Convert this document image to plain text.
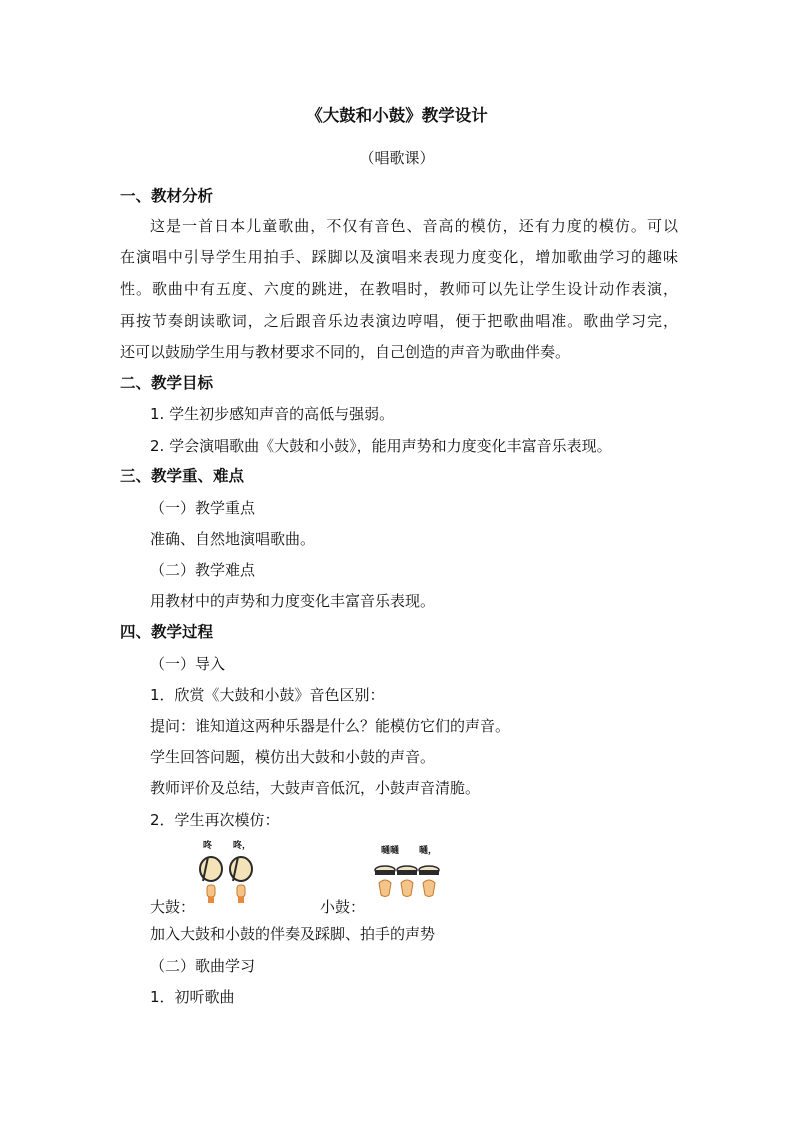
《大鼓和小鼓》教学设计
（唱歌课）
一、教材分析
这是一首日本儿童歌曲，不仅有音色、音高的模仿，还有力度的模仿。可以
在演唱中引导学生用拍手、踩脚以及演唱来表现力度变化，增加歌曲学习的趣味
性。歌曲中有五度、六度的跳进，在教唱时，教师可以先让学生设计动作表演，
再按节奏朗读歌词，之后跟音乐边表演边哼唱，便于把歌曲唱准。歌曲学习完，
还可以鼓励学生用与教材要求不同的，自己创造的声音为歌曲伴奏。
二、教学目标
1. 学生初步感知声音的高低与强弱。
2. 学会演唱歌曲《大鼓和小鼓》，能用声势和力度变化丰富音乐表现。
三、教学重、难点
（一）教学重点
准确、自然地演唱歌曲。
（二）教学难点
用教材中的声势和力度变化丰富音乐表现。
四、教学过程
（一）导入
1．欣赏《大鼓和小鼓》音色区别：
提问：谁知道这两种乐器是什么？能模仿它们的声音。
学生回答问题，模仿出大鼓和小鼓的声音。
教师评价及总结，大鼓声音低沉，小鼓声音清脆。
2．学生再次模仿：
咚 咚，
大鼓：
嗵嗵 嗵，
小鼓：
加入大鼓和小鼓的伴奏及踩脚、拍手的声势
（二）歌曲学习
1．初听歌曲
